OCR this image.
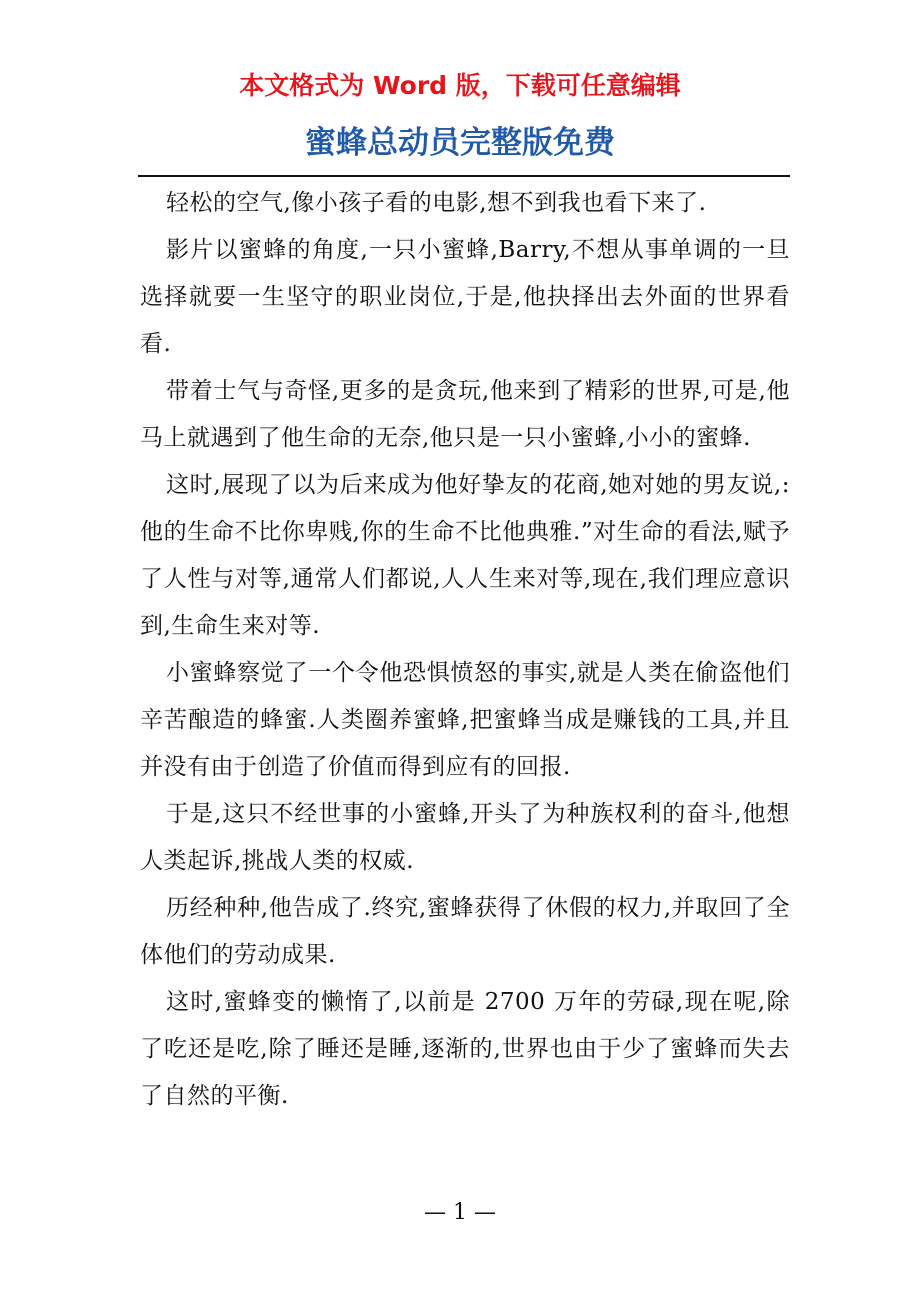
本文格式为 Word 版，下载可任意编辑
蜜蜂总动员完整版免费

轻松的空气,像小孩子看的电影,想不到我也看下来了.

影片以蜜蜂的角度,一只小蜜蜂,Barry,不想从事单调的一旦选择就要一生坚守的职业岗位,于是,他抉择出去外面的世界看看.

带着士气与奇怪,更多的是贪玩,他来到了精彩的世界,可是,他马上就遇到了他生命的无奈,他只是一只小蜜蜂,小小的蜜蜂.

这时,展现了以为后来成为他好挚友的花商,她对她的男友说,:他的生命不比你卑贱,你的生命不比他典雅.”对生命的看法,赋予了人性与对等,通常人们都说,人人生来对等,现在,我们理应意识到,生命生来对等.

小蜜蜂察觉了一个令他恐惧愤怒的事实,就是人类在偷盗他们辛苦酿造的蜂蜜.人类圈养蜜蜂,把蜜蜂当成是赚钱的工具,并且并没有由于创造了价值而得到应有的回报.

于是,这只不经世事的小蜜蜂,开头了为种族权利的奋斗,他想人类起诉,挑战人类的权威.

历经种种,他告成了.终究,蜜蜂获得了休假的权力,并取回了全体他们的劳动成果.

这时,蜜蜂变的懒惰了,以前是 2700 万年的劳碌,现在呢,除了吃还是吃,除了睡还是睡,逐渐的,世界也由于少了蜜蜂而失去了自然的平衡.

— 1 —
